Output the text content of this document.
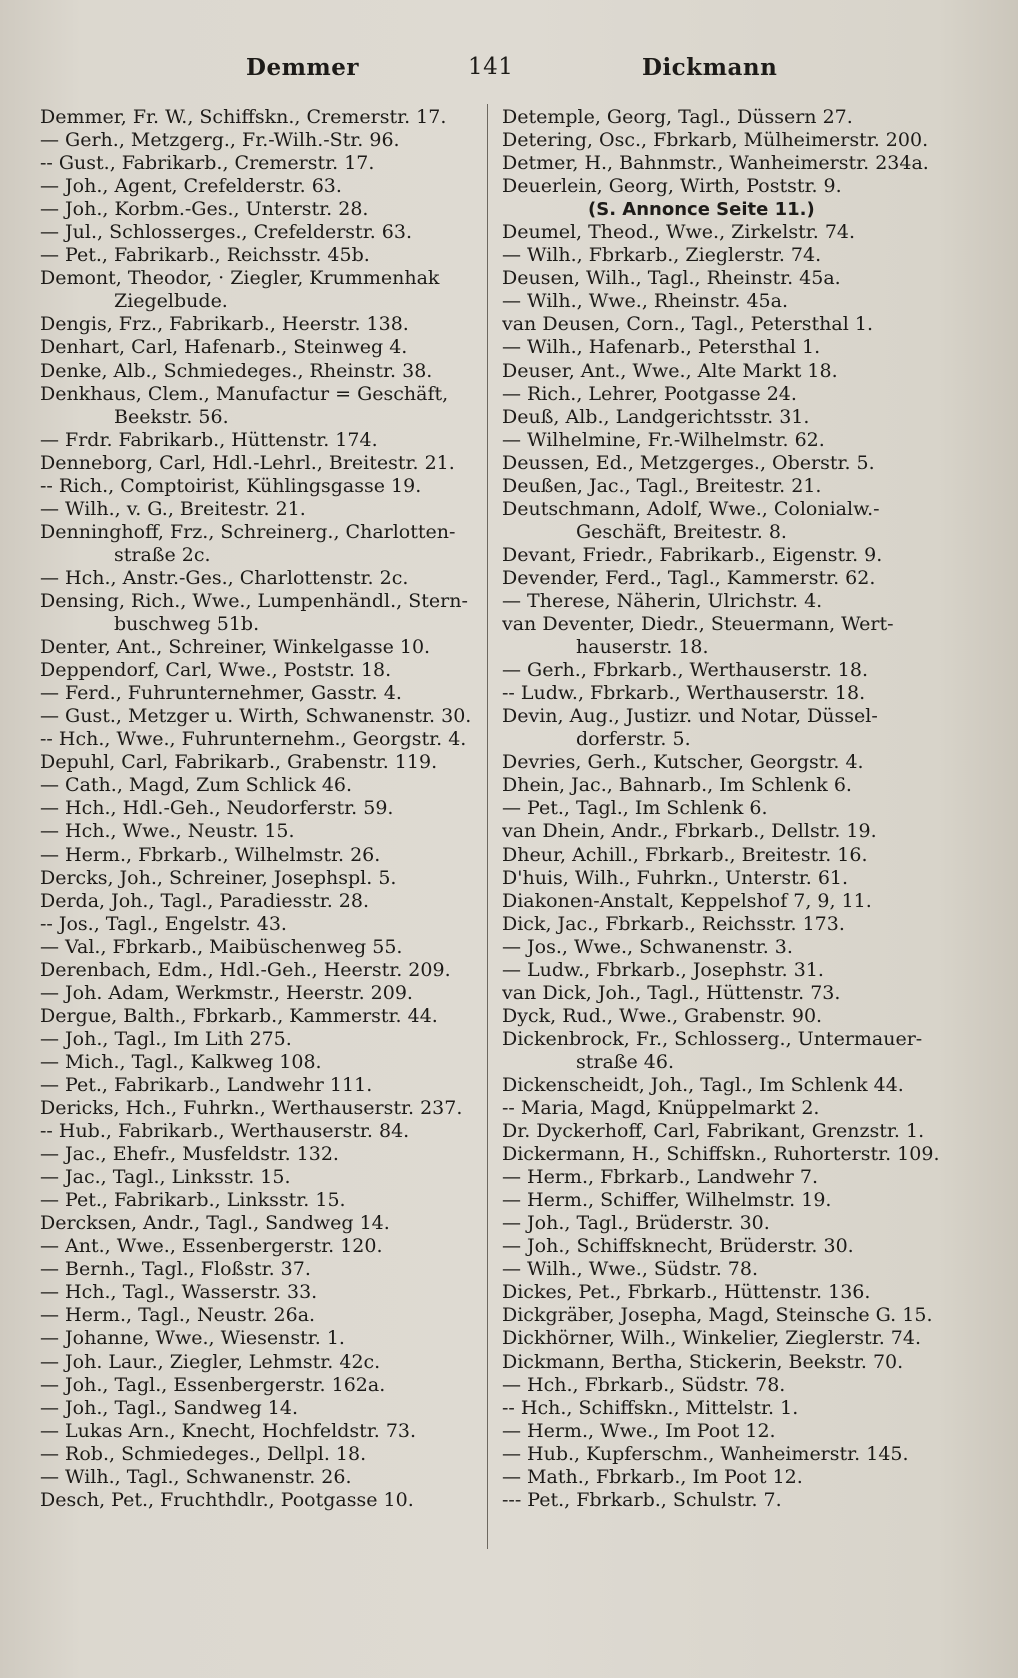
Demmer	141	Dickmann
Demmer, Fr. W., Schiffskn., Cremerstr. 17.
— Gerh., Metzgerg., Fr.-Wilh.-Str. 96.
-- Gust., Fabrikarb., Cremerstr. 17.
— Joh., Agent, Crefelderstr. 63.
— Joh., Korbm.-Ges., Unterstr. 28.
— Jul., Schlosserges., Crefelderstr. 63.
— Pet., Fabrikarb., Reichsstr. 45b.
Demont, Theodor, · Ziegler, Krummenhak
Ziegelbude.
Dengis, Frz., Fabrikarb., Heerstr. 138.
Denhart, Carl, Hafenarb., Steinweg 4.
Denke, Alb., Schmiedeges., Rheinstr. 38.
Denkhaus, Clem., Manufactur = Geschäft,
Beekstr. 56.
— Frdr. Fabrikarb., Hüttenstr. 174.
Denneborg, Carl, Hdl.-Lehrl., Breitestr. 21.
-- Rich., Comptoirist, Kühlingsgasse 19.
— Wilh., v. G., Breitestr. 21.
Denninghoff, Frz., Schreinerg., Charlotten-
straße 2c.
— Hch., Anstr.-Ges., Charlottenstr. 2c.
Densing, Rich., Wwe., Lumpenhändl., Stern-
buschweg 51b.
Denter, Ant., Schreiner, Winkelgasse 10.
Deppendorf, Carl, Wwe., Poststr. 18.
— Ferd., Fuhrunternehmer, Gasstr. 4.
— Gust., Metzger u. Wirth, Schwanenstr. 30.
-- Hch., Wwe., Fuhrunternehm., Georgstr. 4.
Depuhl, Carl, Fabrikarb., Grabenstr. 119.
— Cath., Magd, Zum Schlick 46.
— Hch., Hdl.-Geh., Neudorferstr. 59.
— Hch., Wwe., Neustr. 15.
— Herm., Fbrkarb., Wilhelmstr. 26.
Dercks, Joh., Schreiner, Josephspl. 5.
Derda, Joh., Tagl., Paradiesstr. 28.
-- Jos., Tagl., Engelstr. 43.
— Val., Fbrkarb., Maibüschenweg 55.
Derenbach, Edm., Hdl.-Geh., Heerstr. 209.
— Joh. Adam, Werkmstr., Heerstr. 209.
Dergue, Balth., Fbrkarb., Kammerstr. 44.
— Joh., Tagl., Im Lith 275.
— Mich., Tagl., Kalkweg 108.
— Pet., Fabrikarb., Landwehr 111.
Dericks, Hch., Fuhrkn., Werthauserstr. 237.
-- Hub., Fabrikarb., Werthauserstr. 84.
— Jac., Ehefr., Musfeldstr. 132.
— Jac., Tagl., Linksstr. 15.
— Pet., Fabrikarb., Linksstr. 15.
Dercksen, Andr., Tagl., Sandweg 14.
— Ant., Wwe., Essenbergerstr. 120.
— Bernh., Tagl., Floßstr. 37.
— Hch., Tagl., Wasserstr. 33.
— Herm., Tagl., Neustr. 26a.
— Johanne, Wwe., Wiesenstr. 1.
— Joh. Laur., Ziegler, Lehmstr. 42c.
— Joh., Tagl., Essenbergerstr. 162a.
— Joh., Tagl., Sandweg 14.
— Lukas Arn., Knecht, Hochfeldstr. 73.
— Rob., Schmiedeges., Dellpl. 18.
— Wilh., Tagl., Schwanenstr. 26.
Desch, Pet., Fruchthdlr., Pootgasse 10.
Detemple, Georg, Tagl., Düssern 27.
Detering, Osc., Fbrkarb, Mülheimerstr. 200.
Detmer, H., Bahnmstr., Wanheimerstr. 234a.
Deuerlein, Georg, Wirth, Poststr. 9.
(S. Annonce Seite 11.)
Deumel, Theod., Wwe., Zirkelstr. 74.
— Wilh., Fbrkarb., Zieglerstr. 74.
Deusen, Wilh., Tagl., Rheinstr. 45a.
— Wilh., Wwe., Rheinstr. 45a.
van Deusen, Corn., Tagl., Petersthal 1.
— Wilh., Hafenarb., Petersthal 1.
Deuser, Ant., Wwe., Alte Markt 18.
— Rich., Lehrer, Pootgasse 24.
Deuß, Alb., Landgerichtsstr. 31.
— Wilhelmine, Fr.-Wilhelmstr. 62.
Deussen, Ed., Metzgerges., Oberstr. 5.
Deußen, Jac., Tagl., Breitestr. 21.
Deutschmann, Adolf, Wwe., Colonialw.-
Geschäft, Breitestr. 8.
Devant, Friedr., Fabrikarb., Eigenstr. 9.
Devender, Ferd., Tagl., Kammerstr. 62.
— Therese, Näherin, Ulrichstr. 4.
van Deventer, Diedr., Steuermann, Wert-
hauserstr. 18.
— Gerh., Fbrkarb., Werthauserstr. 18.
-- Ludw., Fbrkarb., Werthauserstr. 18.
Devin, Aug., Justizr. und Notar, Düssel-
dorferstr. 5.
Devries, Gerh., Kutscher, Georgstr. 4.
Dhein, Jac., Bahnarb., Im Schlenk 6.
— Pet., Tagl., Im Schlenk 6.
van Dhein, Andr., Fbrkarb., Dellstr. 19.
Dheur, Achill., Fbrkarb., Breitestr. 16.
D'huis, Wilh., Fuhrkn., Unterstr. 61.
Diakonen-Anstalt, Keppelshof 7, 9, 11.
Dick, Jac., Fbrkarb., Reichsstr. 173.
— Jos., Wwe., Schwanenstr. 3.
— Ludw., Fbrkarb., Josephstr. 31.
van Dick, Joh., Tagl., Hüttenstr. 73.
Dyck, Rud., Wwe., Grabenstr. 90.
Dickenbrock, Fr., Schlosserg., Untermauer-
straße 46.
Dickenscheidt, Joh., Tagl., Im Schlenk 44.
-- Maria, Magd, Knüppelmarkt 2.
Dr. Dyckerhoff, Carl, Fabrikant, Grenzstr. 1.
Dickermann, H., Schiffskn., Ruhorterstr. 109.
— Herm., Fbrkarb., Landwehr 7.
— Herm., Schiffer, Wilhelmstr. 19.
— Joh., Tagl., Brüderstr. 30.
— Joh., Schiffsknecht, Brüderstr. 30.
— Wilh., Wwe., Südstr. 78.
Dickes, Pet., Fbrkarb., Hüttenstr. 136.
Dickgräber, Josepha, Magd, Steinsche G. 15.
Dickhörner, Wilh., Winkelier, Zieglerstr. 74.
Dickmann, Bertha, Stickerin, Beekstr. 70.
— Hch., Fbrkarb., Südstr. 78.
-- Hch., Schiffskn., Mittelstr. 1.
— Herm., Wwe., Im Poot 12.
— Hub., Kupferschm., Wanheimerstr. 145.
— Math., Fbrkarb., Im Poot 12.
--- Pet., Fbrkarb., Schulstr. 7.
